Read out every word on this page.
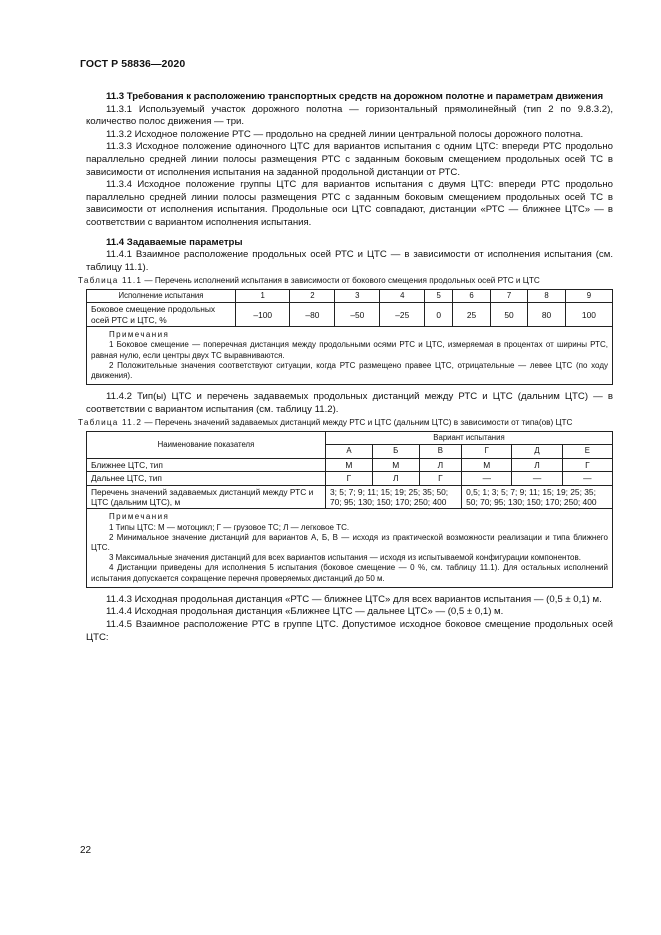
ГОСТ Р 58836—2020

11.3 Требования к расположению транспортных средств на дорожном полотне и параметрам движения

11.3.1 Используемый участок дорожного полотна — горизонтальный прямолинейный (тип 2 по 9.8.3.2), количество полос движения — три.

11.3.2 Исходное положение РТС — продольно на средней линии центральной полосы дорожного полотна.

11.3.3 Исходное положение одиночного ЦТС для вариантов испытания с одним ЦТС: впереди РТС продольно параллельно средней линии полосы размещения РТС с заданным боковым смещением продольных осей ТС в зависимости от исполнения испытания на заданной продольной дистанции от РТС.

11.3.4 Исходное положение группы ЦТС для вариантов испытания с двумя ЦТС: впереди РТС продольно параллельно средней линии полосы размещения РТС с заданным боковым смещением продольных осей ТС в зависимости от исполнения испытания. Продольные оси ЦТС совпадают, дистанции «РТС — ближнее ЦТС» — в соответствии с вариантом исполнения испытания.

11.4 Задаваемые параметры

11.4.1 Взаимное расположение продольных осей РТС и ЦТС — в зависимости от исполнения испытания (см. таблицу 11.1).

Таблица 11.1 — Перечень исполнений испытания в зависимости от бокового смещения продольных осей РТС и ЦТС

Исполнение испытания	1	2	3	4	5	6	7	8	9
Боковое смещение продольных осей РТС и ЦТС, %	–100	–80	–50	–25	0	25	50	80	100

Примечания

1 Боковое смещение — поперечная дистанция между продольными осями РТС и ЦТС, измеряемая в процентах от ширины РТС, равная нулю, если центры двух ТС выравниваются.

2 Положительные значения соответствуют ситуации, когда РТС размещено правее ЦТС, отрицательные — левее ЦТС (по ходу движения).									

11.4.2 Тип(ы) ЦТС и перечень задаваемых продольных дистанций между РТС и ЦТС (дальним ЦТС) — в соответствии с вариантом испытания (см. таблицу 11.2).

Таблица 11.2 — Перечень значений задаваемых дистанций между РТС и ЦТС (дальним ЦТС) в зависимости от типа(ов) ЦТС

Наименование показателя	Вариант испытания					
	А	Б	В	Г	Д	Е
Ближнее ЦТС, тип	М	М	Л	М	Л	Г
Дальнее ЦТС, тип	Г	Л	Г	—	—	—
Перечень значений задаваемых дистанций между РТС и ЦТС (дальним ЦТС), м	3; 5; 7; 9; 11; 15; 19; 25; 35; 50; 70; 95; 130; 150; 170; 250; 400			0,5; 1; 3; 5; 7; 9; 11; 15; 19; 25; 35; 50; 70; 95; 130; 150; 170; 250; 400		

Примечания

1 Типы ЦТС: М — мотоцикл; Г — грузовое ТС; Л — легковое ТС.

2 Минимальное значение дистанций для вариантов А, Б, В — исходя из практической возможности реализации и типа ближнего ЦТС.

3 Максимальные значения дистанций для всех вариантов испытания — исходя из испытываемой конфигурации компонентов.

4 Дистанции приведены для исполнения 5 испытания (боковое смещение — 0 %, см. таблицу 11.1). Для остальных исполнений испытания допускается сокращение перечня проверяемых дистанций до 50 м.						

11.4.3 Исходная продольная дистанция «РТС — ближнее ЦТС» для всех вариантов испытания — (0,5 ± 0,1) м.

11.4.4 Исходная продольная дистанция «Ближнее ЦТС — дальнее ЦТС» — (0,5 ± 0,1) м.

11.4.5 Взаимное расположение РТС в группе ЦТС. Допустимое исходное боковое смещение продольных осей ЦТС:

22
